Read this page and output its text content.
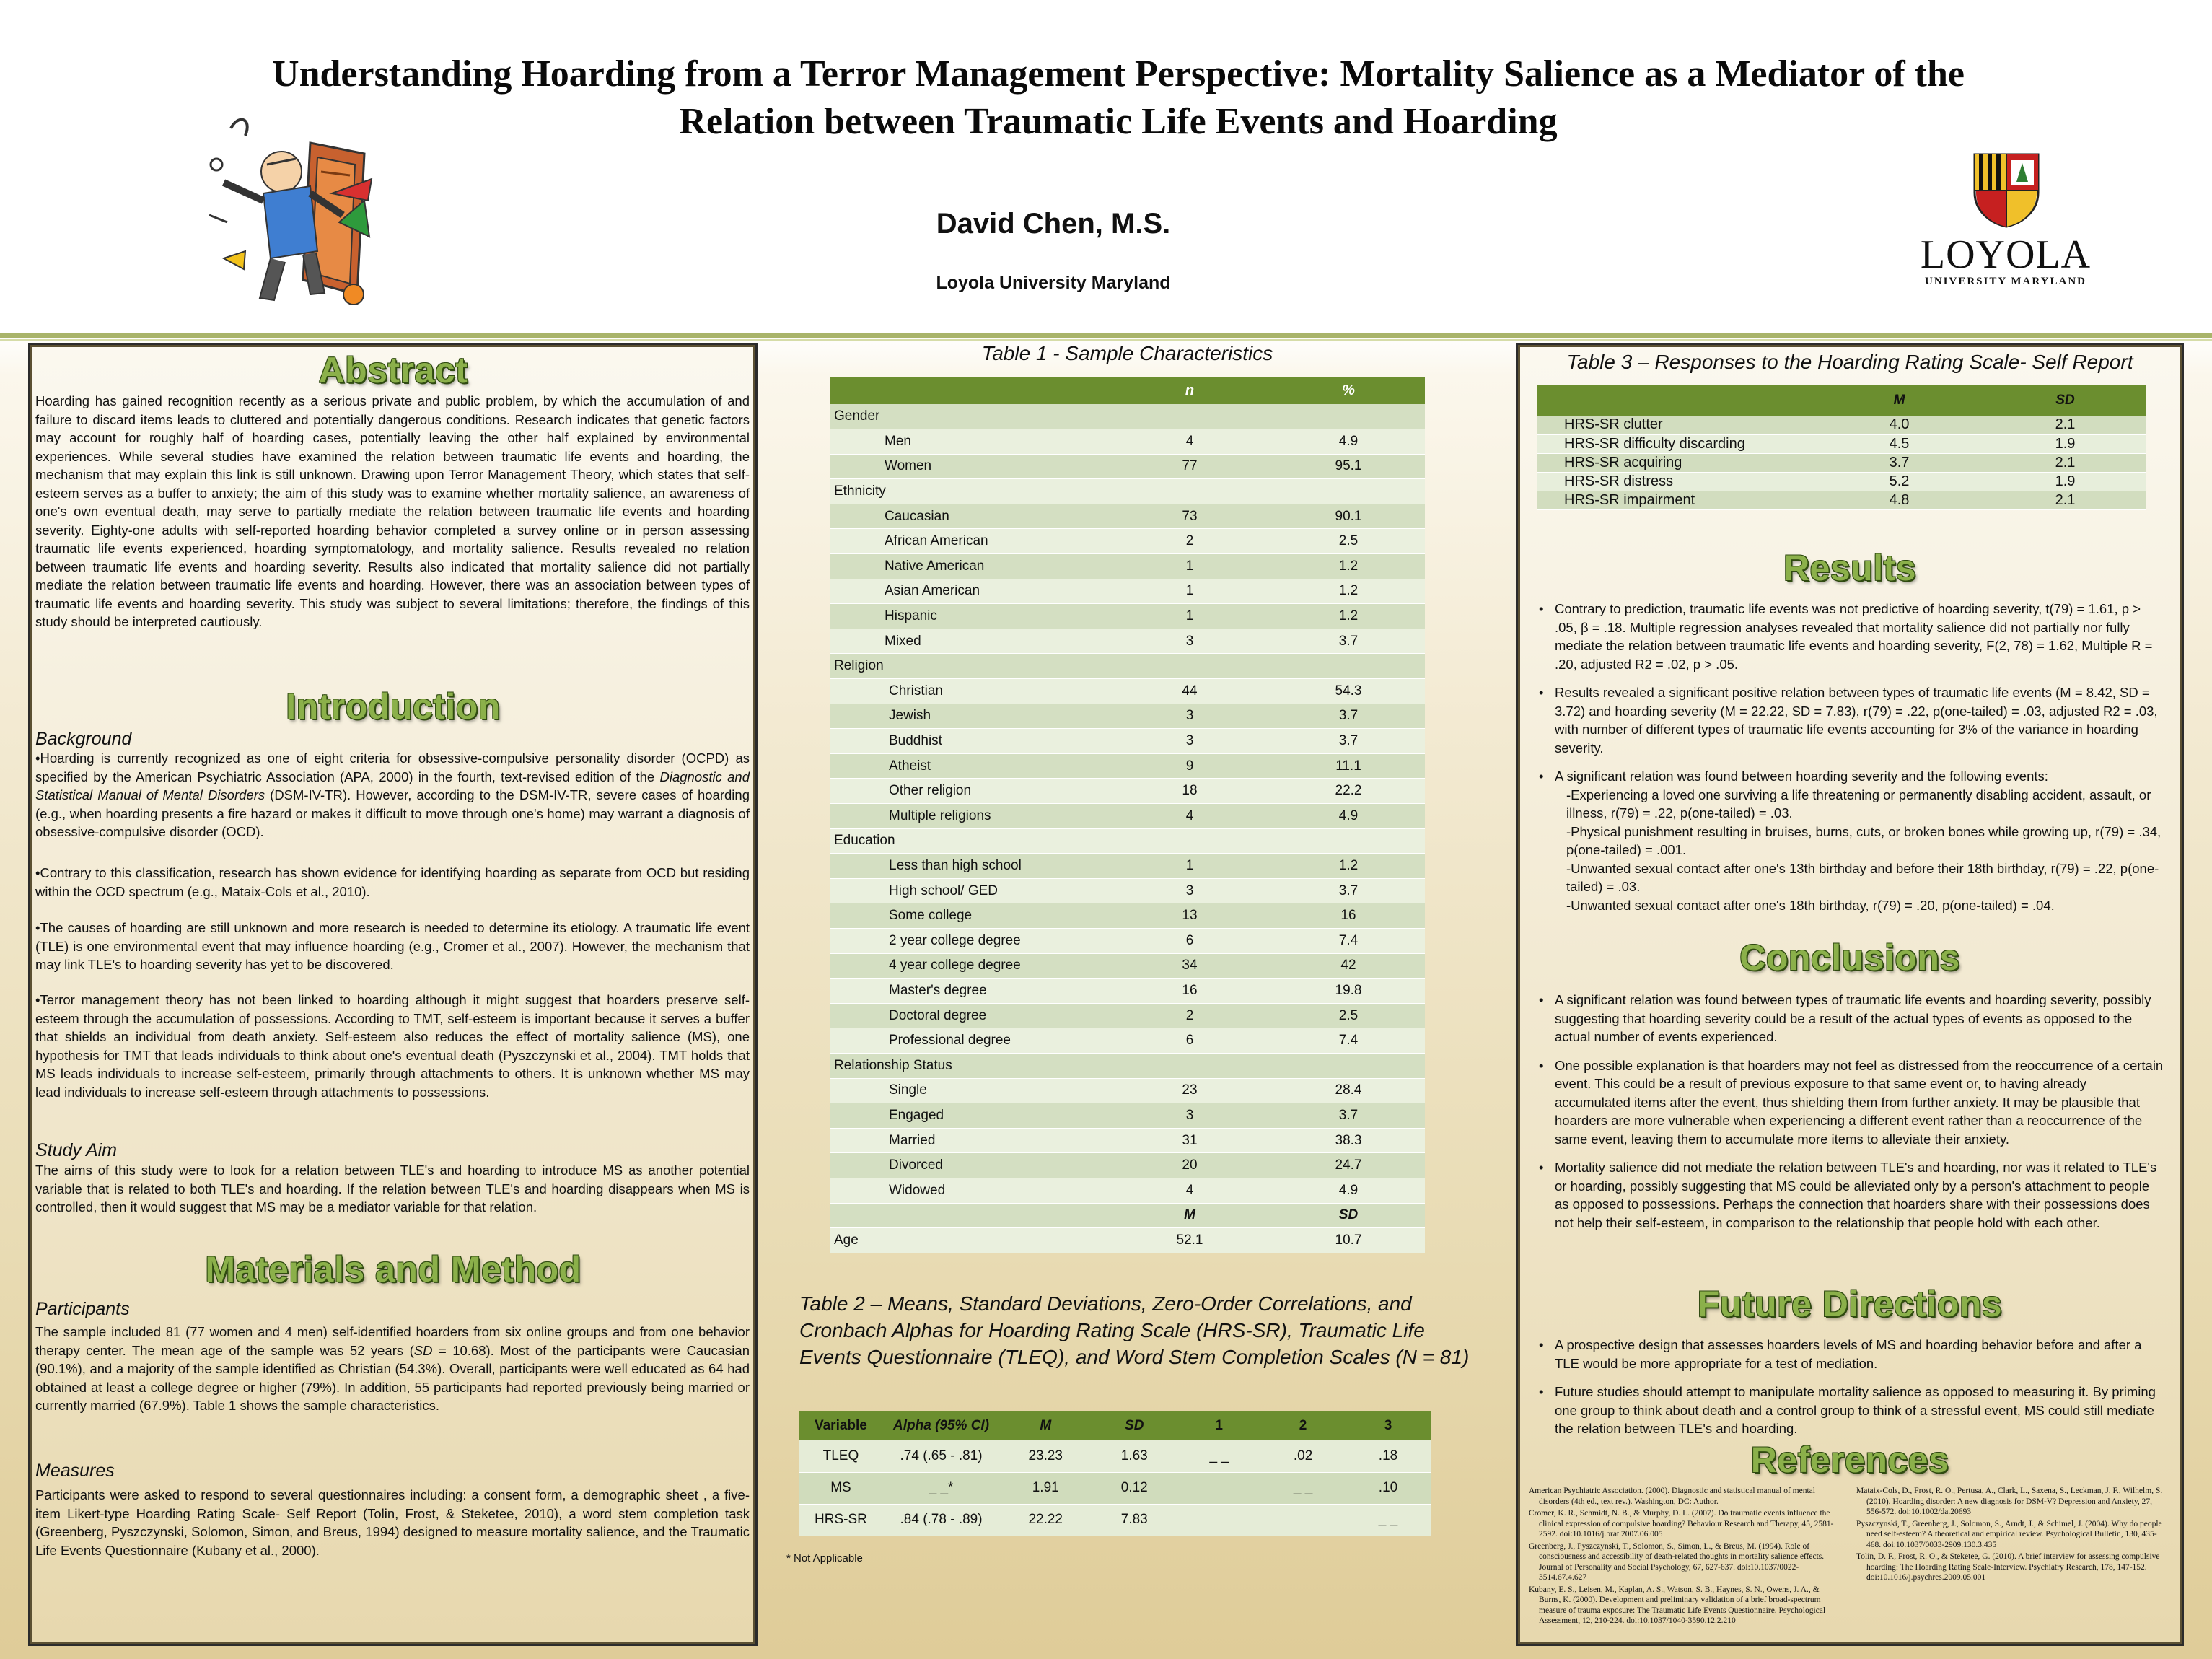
Understanding Hoarding from a Terror Management Perspective: Mortality Salience as a Mediator of the
Relation between Traumatic Life Events and Hoarding
David Chen, M.S.
Loyola University Maryland
LOYOLA
UNIVERSITY MARYLAND
Abstract
Hoarding has gained recognition recently as a serious private and public problem, by which the accumulation of and failure to discard items leads to cluttered and potentially dangerous conditions. Research indicates that genetic factors may account for roughly half of hoarding cases, potentially leaving the other half explained by environmental experiences. While several studies have examined the relation between traumatic life events and hoarding, the mechanism that may explain this link is still unknown. Drawing upon Terror Management Theory, which states that self-esteem serves as a buffer to anxiety; the aim of this study was to examine whether mortality salience, an awareness of one's own eventual death, may serve to partially mediate the relation between traumatic life events and hoarding severity. Eighty-one adults with self-reported hoarding behavior completed a survey online or in person assessing traumatic life events experienced, hoarding symptomatology, and mortality salience. Results revealed no relation between traumatic life events and hoarding severity. Results also indicated that mortality salience did not partially mediate the relation between traumatic life events and hoarding. However, there was an association between types of traumatic life events and hoarding severity. This study was subject to several limitations; therefore, the findings of this study should be interpreted cautiously.
Introduction
Background
•Hoarding is currently recognized as one of eight criteria for obsessive-compulsive personality disorder (OCPD) as specified by the American Psychiatric Association (APA, 2000) in the fourth, text-revised edition of the Diagnostic and Statistical Manual of Mental Disorders (DSM-IV-TR). However, according to the DSM-IV-TR, severe cases of hoarding (e.g., when hoarding presents a fire hazard or makes it difficult to move through one's home) may warrant a diagnosis of obsessive-compulsive disorder (OCD).
•Contrary to this classification, research has shown evidence for identifying hoarding as separate from OCD but residing within the OCD spectrum (e.g., Mataix-Cols et al., 2010).
•The causes of hoarding are still unknown and more research is needed to determine its etiology. A traumatic life event (TLE) is one environmental event that may influence hoarding (e.g., Cromer et al., 2007). However, the mechanism that may link TLE's to hoarding severity has yet to be discovered.
•Terror management theory has not been linked to hoarding although it might suggest that hoarders preserve self-esteem through the accumulation of possessions. According to TMT, self-esteem is important because it serves a buffer that shields an individual from death anxiety. Self-esteem also reduces the effect of mortality salience (MS), one hypothesis for TMT that leads individuals to think about one's eventual death (Pyszczynski et al., 2004). TMT holds that MS leads individuals to increase self-esteem, primarily through attachments to others. It is unknown whether MS may lead individuals to increase self-esteem through attachments to possessions.
Study Aim
The aims of this study were to look for a relation between TLE's and hoarding to introduce MS as another potential variable that is related to both TLE's and hoarding. If the relation between TLE's and hoarding disappears when MS is controlled, then it would suggest that MS may be a mediator variable for that relation.
Materials and Method
Participants
The sample included 81 (77 women and 4 men) self-identified hoarders from six online groups and from one behavior therapy center. The mean age of the sample was 52 years (SD = 10.68). Most of the participants were Caucasian (90.1%), and a majority of the sample identified as Christian (54.3%). Overall, participants were well educated as 64 had obtained at least a college degree or higher (79%). In addition, 55 participants had reported previously being married or currently married (67.9%). Table 1 shows the sample characteristics.
Measures
Participants were asked to respond to several questionnaires including: a consent form, a demographic sheet , a five-item Likert-type Hoarding Rating Scale- Self Report (Tolin, Frost, & Steketee, 2010), a word stem completion task (Greenberg, Pyszczynski, Solomon, Simon, and Breus, 1994) designed to measure mortality salience, and the Traumatic Life Events Questionnaire (Kubany et al., 2000).
Table 1 - Sample Characteristics
	n	%
Gender		
Men	4	4.9
Women	77	95.1
Ethnicity		
Caucasian	73	90.1
African American	2	2.5
Native American	1	1.2
Asian American	1	1.2
Hispanic	1	1.2
Mixed	3	3.7
Religion		
Christian	44	54.3
Jewish	3	3.7
Buddhist	3	3.7
Atheist	9	11.1
Other religion	18	22.2
Multiple religions	4	4.9
Education		
Less than high school	1	1.2
High school/ GED	3	3.7
Some college	13	16
2 year college degree	6	7.4
4 year college degree	34	42
Master's degree	16	19.8
Doctoral degree	2	2.5
Professional degree	6	7.4
Relationship Status		
Single	23	28.4
Engaged	3	3.7
Married	31	38.3
Divorced	20	24.7
Widowed	4	4.9
	M	SD
Age	52.1	10.7
Table 2 – Means, Standard Deviations, Zero-Order Correlations, and Cronbach Alphas for Hoarding Rating Scale (HRS-SR), Traumatic Life Events Questionnaire (TLEQ), and Word Stem Completion Scales (N = 81)
Variable	Alpha (95% CI)	M	SD	1	2	3
TLEQ	.74 (.65 - .81)	23.23	1.63	_ _	.02	.18
MS	_ _*	1.91	0.12		_ _	.10
HRS-SR	.84 (.78 - .89)	22.22	7.83			_ _
* Not Applicable
Results
• Contrary to prediction, traumatic life events was not predictive of hoarding severity, t(79) = 1.61, p > .05, β = .18. Multiple regression analyses revealed that mortality salience did not partially nor fully mediate the relation between traumatic life events and hoarding severity, F(2, 78) = 1.62, Multiple R = .20, adjusted R2 = .02, p > .05.
• Results revealed a significant positive relation between types of traumatic life events (M = 8.42, SD = 3.72) and hoarding severity (M = 22.22, SD = 7.83), r(79) = .22, p(one-tailed) = .03, adjusted R2 = .03, with number of different types of traumatic life events accounting for 3% of the variance in hoarding severity.
• A significant relation was found between hoarding severity and the following events:
-Experiencing a loved one surviving a life threatening or permanently disabling accident, assault, or illness, r(79) = .22, p(one-tailed) = .03.
-Physical punishment resulting in bruises, burns, cuts, or broken bones while growing up, r(79) = .34, p(one-tailed) = .001.
-Unwanted sexual contact after one's 13th birthday and before their 18th birthday, r(79) = .22, p(one-tailed) = .03.
-Unwanted sexual contact after one's 18th birthday, r(79) = .20, p(one-tailed) = .04.
Conclusions
• A significant relation was found between types of traumatic life events and hoarding severity, possibly suggesting that hoarding severity could be a result of the actual types of events as opposed to the actual number of events experienced.
• One possible explanation is that hoarders may not feel as distressed from the reoccurrence of a certain event. This could be a result of previous exposure to that same event or, to having already accumulated items after the event, thus shielding them from further anxiety. It may be plausible that hoarders are more vulnerable when experiencing a different event rather than a reoccurrence of the same event, leaving them to accumulate more items to alleviate their anxiety.
• Mortality salience did not mediate the relation between TLE's and hoarding, nor was it related to TLE's or hoarding, possibly suggesting that MS could be alleviated only by a person's attachment to people as opposed to possessions. Perhaps the connection that hoarders share with their possessions does not help their self-esteem, in comparison to the relationship that people hold with each other.
Future Directions
• A prospective design that assesses hoarders levels of MS and hoarding behavior before and after a TLE would be more appropriate for a test of mediation.
• Future studies should attempt to manipulate mortality salience as opposed to measuring it. By priming one group to think about death and a control group to think of a stressful event, MS could still mediate the relation between TLE's and hoarding.
References

American Psychiatric Association. (2000). Diagnostic and statistical manual of mental disorders (4th ed., text rev.). Washington, DC: Author.

Cromer, K. R., Schmidt, N. B., & Murphy, D. L. (2007). Do traumatic events influence the clinical expression of compulsive hoarding? Behaviour Research and Therapy, 45, 2581-2592. doi:10.1016/j.brat.2007.06.005

Greenberg, J., Pyszczynski, T., Solomon, S., Simon, L., & Breus, M. (1994). Role of consciousness and accessibility of death-related thoughts in mortality salience effects. Journal of Personality and Social Psychology, 67, 627-637. doi:10.1037/0022-3514.67.4.627

Kubany, E. S., Leisen, M., Kaplan, A. S., Watson, S. B., Haynes, S. N., Owens, J. A., & Burns, K. (2000). Development and preliminary validation of a brief broad-spectrum measure of trauma exposure: The Traumatic Life Events Questionnaire. Psychological Assessment, 12, 210-224. doi:10.1037/1040-3590.12.2.210

Mataix-Cols, D., Frost, R. O., Pertusa, A., Clark, L., Saxena, S., Leckman, J. F., Wilhelm, S. (2010). Hoarding disorder: A new diagnosis for DSM-V? Depression and Anxiety, 27, 556-572. doi:10.1002/da.20693

Pyszczynski, T., Greenberg, J., Solomon, S., Arndt, J., & Schimel, J. (2004). Why do people need self-esteem? A theoretical and empirical review. Psychological Bulletin, 130, 435-468. doi:10.1037/0033-2909.130.3.435

Tolin, D. F., Frost, R. O., & Steketee, G. (2010). A brief interview for assessing compulsive hoarding: The Hoarding Rating Scale-Interview. Psychiatry Research, 178, 147-152. doi:10.1016/j.psychres.2009.05.001

Table 3 – Responses to the Hoarding Rating Scale- Self Report
	M	SD
HRS-SR clutter	4.0	2.1
HRS-SR difficulty discarding	4.5	1.9
HRS-SR acquiring	3.7	2.1
HRS-SR distress	5.2	1.9
HRS-SR impairment	4.8	2.1
